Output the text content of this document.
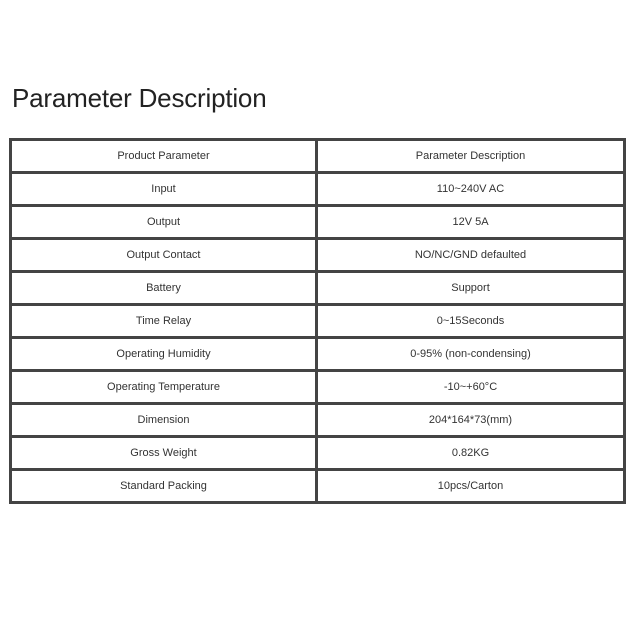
Parameter Description
Product Parameter	Parameter Description
Input	110~240V AC
Output	12V 5A
Output Contact	NO/NC/GND defaulted
Battery	Support
Time Relay	0~15Seconds
Operating Humidity	0-95% (non-condensing)
Operating Temperature	-10~+60°C
Dimension	204*164*73(mm)
Gross Weight	0.82KG
Standard Packing	10pcs/Carton
